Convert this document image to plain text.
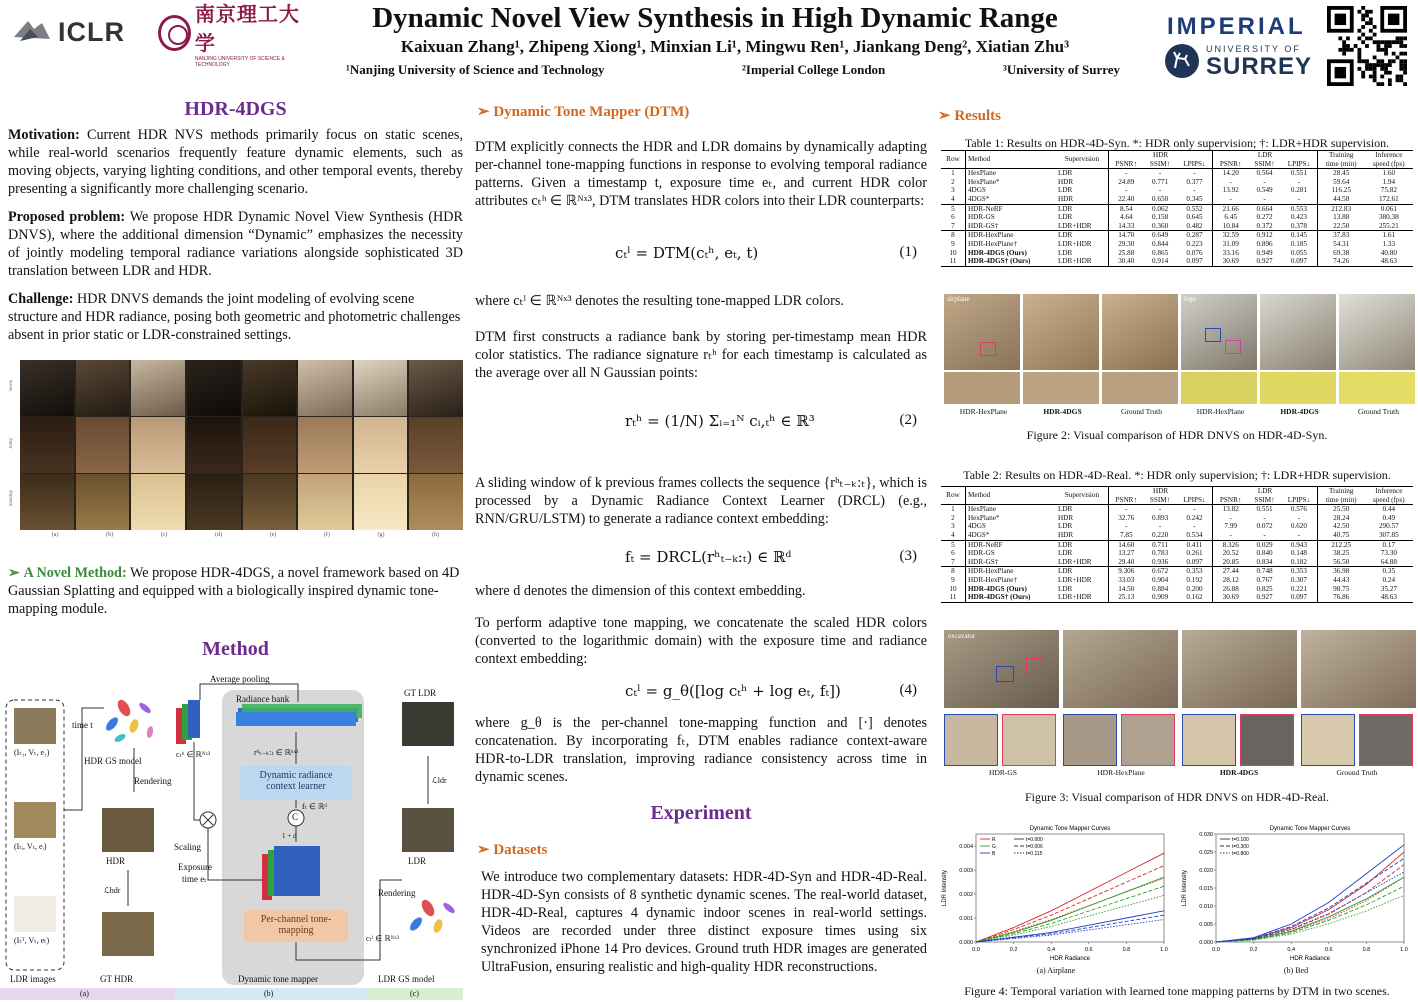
ICLR
南京理工大学
NANJING UNIVERSITY OF SCIENCE & TECHNOLOGY
Dynamic Novel View Synthesis in High Dynamic Range
Kaixuan Zhang¹, Zhipeng Xiong¹, Minxian Li¹, Mingwu Ren¹, Jiankang Deng², Xiatian Zhu³
¹Nanjing University of Science and Technology	²Imperial College London	³University of Surrey
IMPERIAL
UNIVERSITY OF
SURREY
HDR-4DGS
Motivation: Current HDR NVS methods primarily focus on static scenes, while real-world scenarios frequently feature dynamic elements, such as moving objects, varying lighting conditions, and other temporal events, thereby presenting a significantly more challenging scenario.
Proposed problem: We propose HDR Dynamic Novel View Synthesis (HDR DNVS), where the additional dimension “Dynamic” emphasizes the necessity of jointly modeling temporal radiance variations alongside sophisticated 3D translation between LDR and HDR.
Challenge: HDR DNVS demands the joint modeling of evolving scene structure and HDR radiance, posing both geometric and photometric challenges absent in prior static or LDR-constrained settings.
Book
Jump
Standup
(a)	(b)	(c)	(d)	(e)	(f)	(g)	(h)
➢ A Novel Method: We propose HDR-4DGS, a novel framework based on 4D Gaussian Splatting and equipped with a biologically inspired dynamic tone-mapping module.
Method
Average pooling
Radiance bank
time t
HDR GS model
Rendering
cₜʰ ∈ ℝᴺˣ³	rʰₜ₋ₖ:ₜ ∈ ℝᵏˣ³
Dynamic radiance context learner
fₜ ∈ ℝᵈ
C
1 + d
Scaling
Exposure
time eₜ
Per-channel tone-mapping
Dynamic tone mapper
GT LDR
ℒldr
LDR
Rendering
cₜˡ ∈ ℝᴺˣ³
LDR GS model
HDR
ℒhdr
GT HDR
LDR images
(Iₜ₁, Vₜ, e₁)
(Iₜᵢ, Vₜ, eᵢ)
(Iₜᵀ, Vₜ, eₜ)
(a)	(b)	(c)
➢ Dynamic Tone Mapper (DTM)
DTM explicitly connects the HDR and LDR domains by dynamically adapting per-channel tone-mapping functions in response to evolving temporal radiance patterns. Given a timestamp t, exposure time eₜ, and current HDR color attributes cₜʰ ∈ ℝᴺˣ³, DTM translates HDR colors into their LDR counterparts:
cₜˡ = DTM(cₜʰ, eₜ, t)	(1)
where cₜˡ ∈ ℝᴺˣ³ denotes the resulting tone-mapped LDR colors.
DTM first constructs a radiance bank by storing per-timestamp mean HDR color statistics. The radiance signature rₜʰ for each timestamp is calculated as the average over all N Gaussian points:
rₜʰ = (1/N) Σᵢ₌₁ᴺ cᵢ,ₜʰ ∈ ℝ³	(2)
A sliding window of k previous frames collects the sequence {rʰₜ₋ₖ:ₜ}, which is processed by a Dynamic Radiance Context Learner (DRCL) (e.g., RNN/GRU/LSTM) to generate a radiance context embedding:
fₜ = DRCL(rʰₜ₋ₖ:ₜ) ∈ ℝᵈ	(3)
where d denotes the dimension of this context embedding.
To perform adaptive tone mapping, we concatenate the scaled HDR colors (converted to the logarithmic domain) with the exposure time and radiance context embedding:
cₜˡ = g_θ([log cₜʰ + log eₜ, fₜ])	(4)
where g_θ is the per-channel tone-mapping function and [·] denotes concatenation. By incorporating fₜ, DTM enables radiance context-aware HDR-to-LDR translation, improving radiance consistency across time in dynamic scenes.
Experiment
➢ Datasets
We introduce two complementary datasets: HDR-4D-Syn and HDR-4D-Real. HDR-4D-Syn consists of 8 synthetic dynamic scenes. The real-world dataset, HDR-4D-Real, captures 4 dynamic indoor scenes in real-world settings. Videos are recorded under three distinct exposure times using six synchronized iPhone 14 Pro devices. Ground truth HDR images are generated UltraFusion, ensuring realistic and high-quality HDR reconstructions.
➢ Results
Table 1: Results on HDR-4D-Syn. *: HDR only supervision; †: LDR+HDR supervision.
Row	Method	Supervision	HDR			LDR			Training	Inference
			PSNR↑	SSIM↑	LPIPS↓	PSNR↑	SSIM↑	LPIPS↓	time (min)	speed (fps)
1	HexPlane	LDR	-	-	-	14.20	0.564	0.551	28.45	1.60
2	HexPlane*	HDR	24.89	0.771	0.377	-	-	-	59.64	1.94
3	4DGS	LDR	-	-	-	13.92	0.549	0.281	116.25	75.82
4	4DGS*	HDR	22.40	0.650	0.345	-	-	-	44.58	172.61
5	HDR-NeRF	LDR	8.54	0.062	0.552	21.66	0.664	0.553	212.83	0.061
6	HDR-GS	LDR	4.64	0.158	0.645	6.45	0.272	0.423	13.88	380.38
7	HDR-GS†	LDR+HDR	14.33	0.360	0.482	10.84	0.372	0.378	22.50	255.21
8	HDR-HexPlane	LDR	14.70	0.649	0.287	32.59	0.912	0.145	37.83	1.61
9	HDR-HexPlane†	LDR+HDR	29.30	0.844	0.223	31.09	0.896	0.185	54.31	1.33
10	HDR-4DGS (Ours)	LDR	25.88	0.865	0.076	33.16	0.949	0.055	69.38	40.80
11	HDR-4DGS† (Ours)	LDR+HDR	30.40	0.914	0.097	30.69	0.927	0.097	74.26	48.63
airplane	lego
HDR-HexPlane	HDR-4DGS	Ground Truth	HDR-HexPlane	HDR-4DGS	Ground Truth
Figure 2: Visual comparison of HDR DNVS on HDR-4D-Syn.
Table 2: Results on HDR-4D-Real. *: HDR only supervision; †: LDR+HDR supervision.
Row	Method	Supervision	HDR			LDR			Training	Inference
			PSNR↑	SSIM↑	LPIPS↓	PSNR↑	SSIM↑	LPIPS↓	time (min)	speed (fps)
1	HexPlane	LDR	-	-	-	13.82	0.551	0.576	25.50	0.44
2	HexPlane*	HDR	32.76	0.893	0.242	-	-	-	28.24	0.49
3	4DGS	LDR	-	-	-	7.99	0.072	0.620	42.50	290.57
4	4DGS*	HDR	7.85	0.220	0.534	-	-	-	40.75	307.85
5	HDR-NeRF	LDR	14.60	0.711	0.411	8.326	0.029	0.943	212.25	0.17
6	HDR-GS	LDR	13.27	0.783	0.261	20.52	0.840	0.148	38.25	73.30
7	HDR-GS†	LDR+HDR	29.40	0.936	0.097	20.85	0.834	0.182	56.50	64.88
8	HDR-HexPlane	LDR	9.306	0.672	0.353	27.44	0.748	0.353	36.98	0.35
9	HDR-HexPlane†	LDR+HDR	33.03	0.904	0.192	28.12	0.767	0.307	44.43	0.24
10	HDR-4DGS (Ours)	LDR	14.50	0.884	0.200	26.88	0.825	0.221	98.75	35.27
11	HDR-4DGS† (Ours)	LDR+HDR	25.13	0.909	0.162	30.69	0.927	0.097	76.86	48.63
excavator
HDR-GS	HDR-HexPlane	HDR-4DGS	Ground Truth
Figure 3: Visual comparison of HDR DNVS on HDR-4D-Real.
Dynamic Tone Mapper Curves
0.0	0.2	0.4	0.6	0.8	1.0
0.000
0.001
0.002
0.003
0.004
HDR Radiance
LDR Intensity
R
G
B
t=0.000
t=0.006
t=0.115
Dynamic Tone Mapper Curves
0.0	0.2	0.4	0.6	0.8	1.0
0.000
0.005
0.010
0.015
0.020
0.025
0.030
HDR Radiance
LDR Intensity
t=0.100
t=0.300
t=0.800
(a) Airplane	(b) Bed
Figure 4: Temporal variation with learned tone mapping patterns by DTM in two scenes.
